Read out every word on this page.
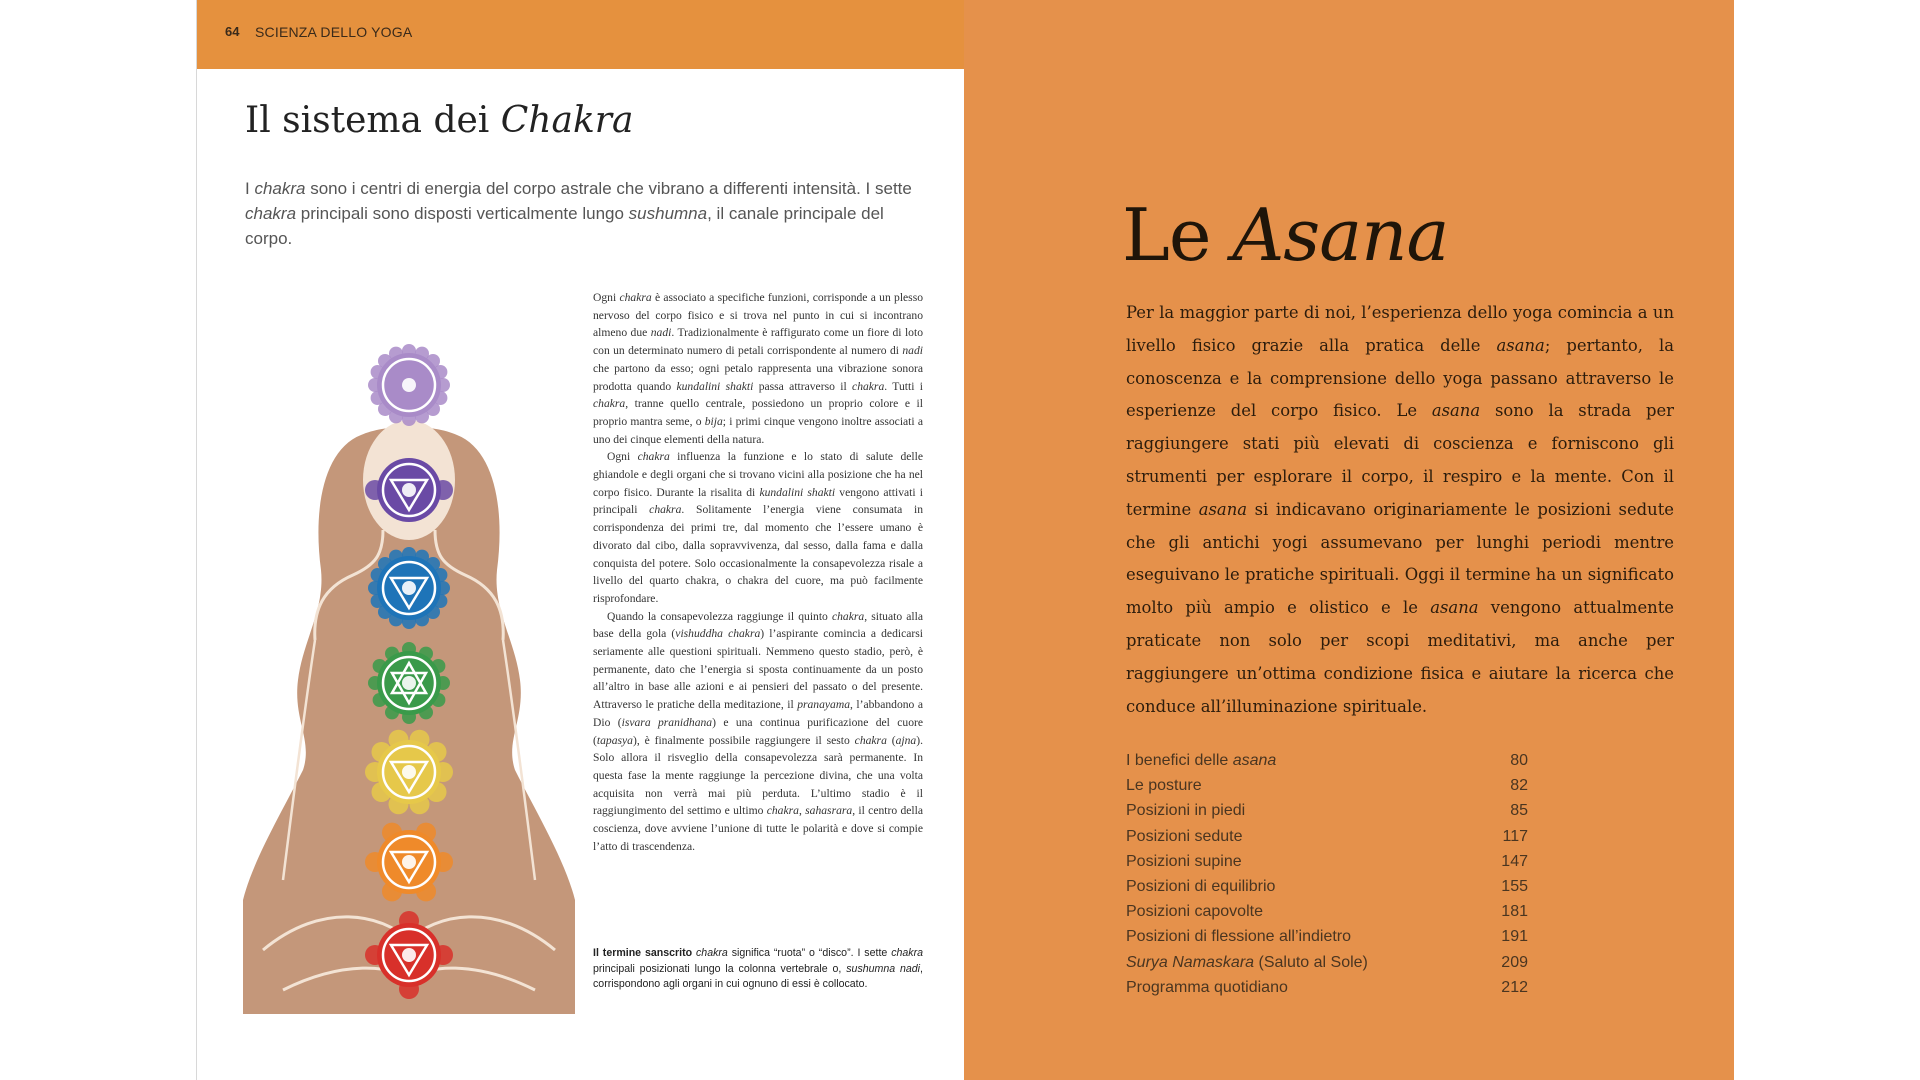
64 SCIENZA DELLO YOGA
Il sistema dei Chakra

I chakra sono i centri di energia del corpo astrale che vibrano a differenti intensità. I sette chakra principali sono disposti verticalmente lungo sushumna, il canale principale del corpo.

Ogni chakra è associato a specifiche funzioni, corrisponde a un plesso nervoso del corpo fisico e si trova nel punto in cui si incontrano almeno due nadi. Tradizionalmente è raffigurato come un fiore di loto con un determinato numero di petali corrispondente al numero di nadi che partono da esso; ogni petalo rappresenta una vibrazione sonora prodotta quando kundalini shakti passa attraverso il chakra. Tutti i chakra, tranne quello centrale, possiedono un proprio colore e il proprio mantra seme, o bija; i primi cinque vengono inoltre associati a uno dei cinque elementi della natura.

Ogni chakra influenza la funzione e lo stato di salute delle ghiandole e degli organi che si trovano vicini alla posizione che ha nel corpo fisico. Durante la risalita di kundalini shakti vengono attivati i principali chakra. Solitamente l’energia viene consumata in corrispondenza dei primi tre, dal momento che l’essere umano è divorato dal cibo, dalla sopravvivenza, dal sesso, dalla fama e dalla conquista del potere. Solo occasionalmente la consapevolezza risale a livello del quarto chakra, o chakra del cuore, ma può facilmente risprofondare.

Quando la consapevolezza raggiunge il quinto chakra, situato alla base della gola (vishuddha chakra) l’aspirante comincia a dedicarsi seriamente alle questioni spirituali. Nemmeno questo stadio, però, è permanente, dato che l’energia si sposta continuamente da un posto all’altro in base alle azioni e ai pensieri del passato o del presente. Attraverso le pratiche della meditazione, il pranayama, l’abbandono a Dio (isvara pranidhana) e una continua purificazione del cuore (tapasya), è finalmente possibile raggiungere il sesto chakra (ajna). Solo allora il risveglio della consapevolezza sarà permanente. In questa fase la mente raggiunge la percezione divina, che una volta acquisita non verrà mai più perduta. L’ultimo stadio è il raggiungimento del settimo e ultimo chakra, sahasrara, il centro della coscienza, dove avviene l’unione di tutte le polarità e dove si compie l’atto di trascendenza.

Il termine sanscrito chakra significa “ruota” o “disco”. I sette chakra principali posizionati lungo la colonna vertebrale o, sushumna nadi, corrispondono agli organi in cui ognuno di essi è collocato.

Le Asana

Per la maggior parte di noi, l’esperienza dello yoga comincia a un livello fisico grazie alla pratica delle asana; pertanto, la conoscenza e la comprensione dello yoga passano attraverso le esperienze del corpo fisico. Le asana sono la strada per raggiungere stati più elevati di coscienza e forniscono gli strumenti per esplorare il corpo, il respiro e la mente. Con il termine asana si indicavano originariamente le posizioni sedute che gli antichi yogi assumevano per lunghi periodi mentre eseguivano le pratiche spirituali. Oggi il termine ha un significato molto più ampio e olistico e le asana vengono attualmente praticate non solo per scopi meditativi, ma anche per raggiungere un’ottima condizione fisica e aiutare la ricerca che conduce all’illuminazione spirituale.

I benefici delle asana	80
Le posture	82
Posizioni in piedi	85
Posizioni sedute	117
Posizioni supine	147
Posizioni di equilibrio	155
Posizioni capovolte	181
Posizioni di flessione all’indietro	191
Surya Namaskara (Saluto al Sole)	209
Programma quotidiano	212
